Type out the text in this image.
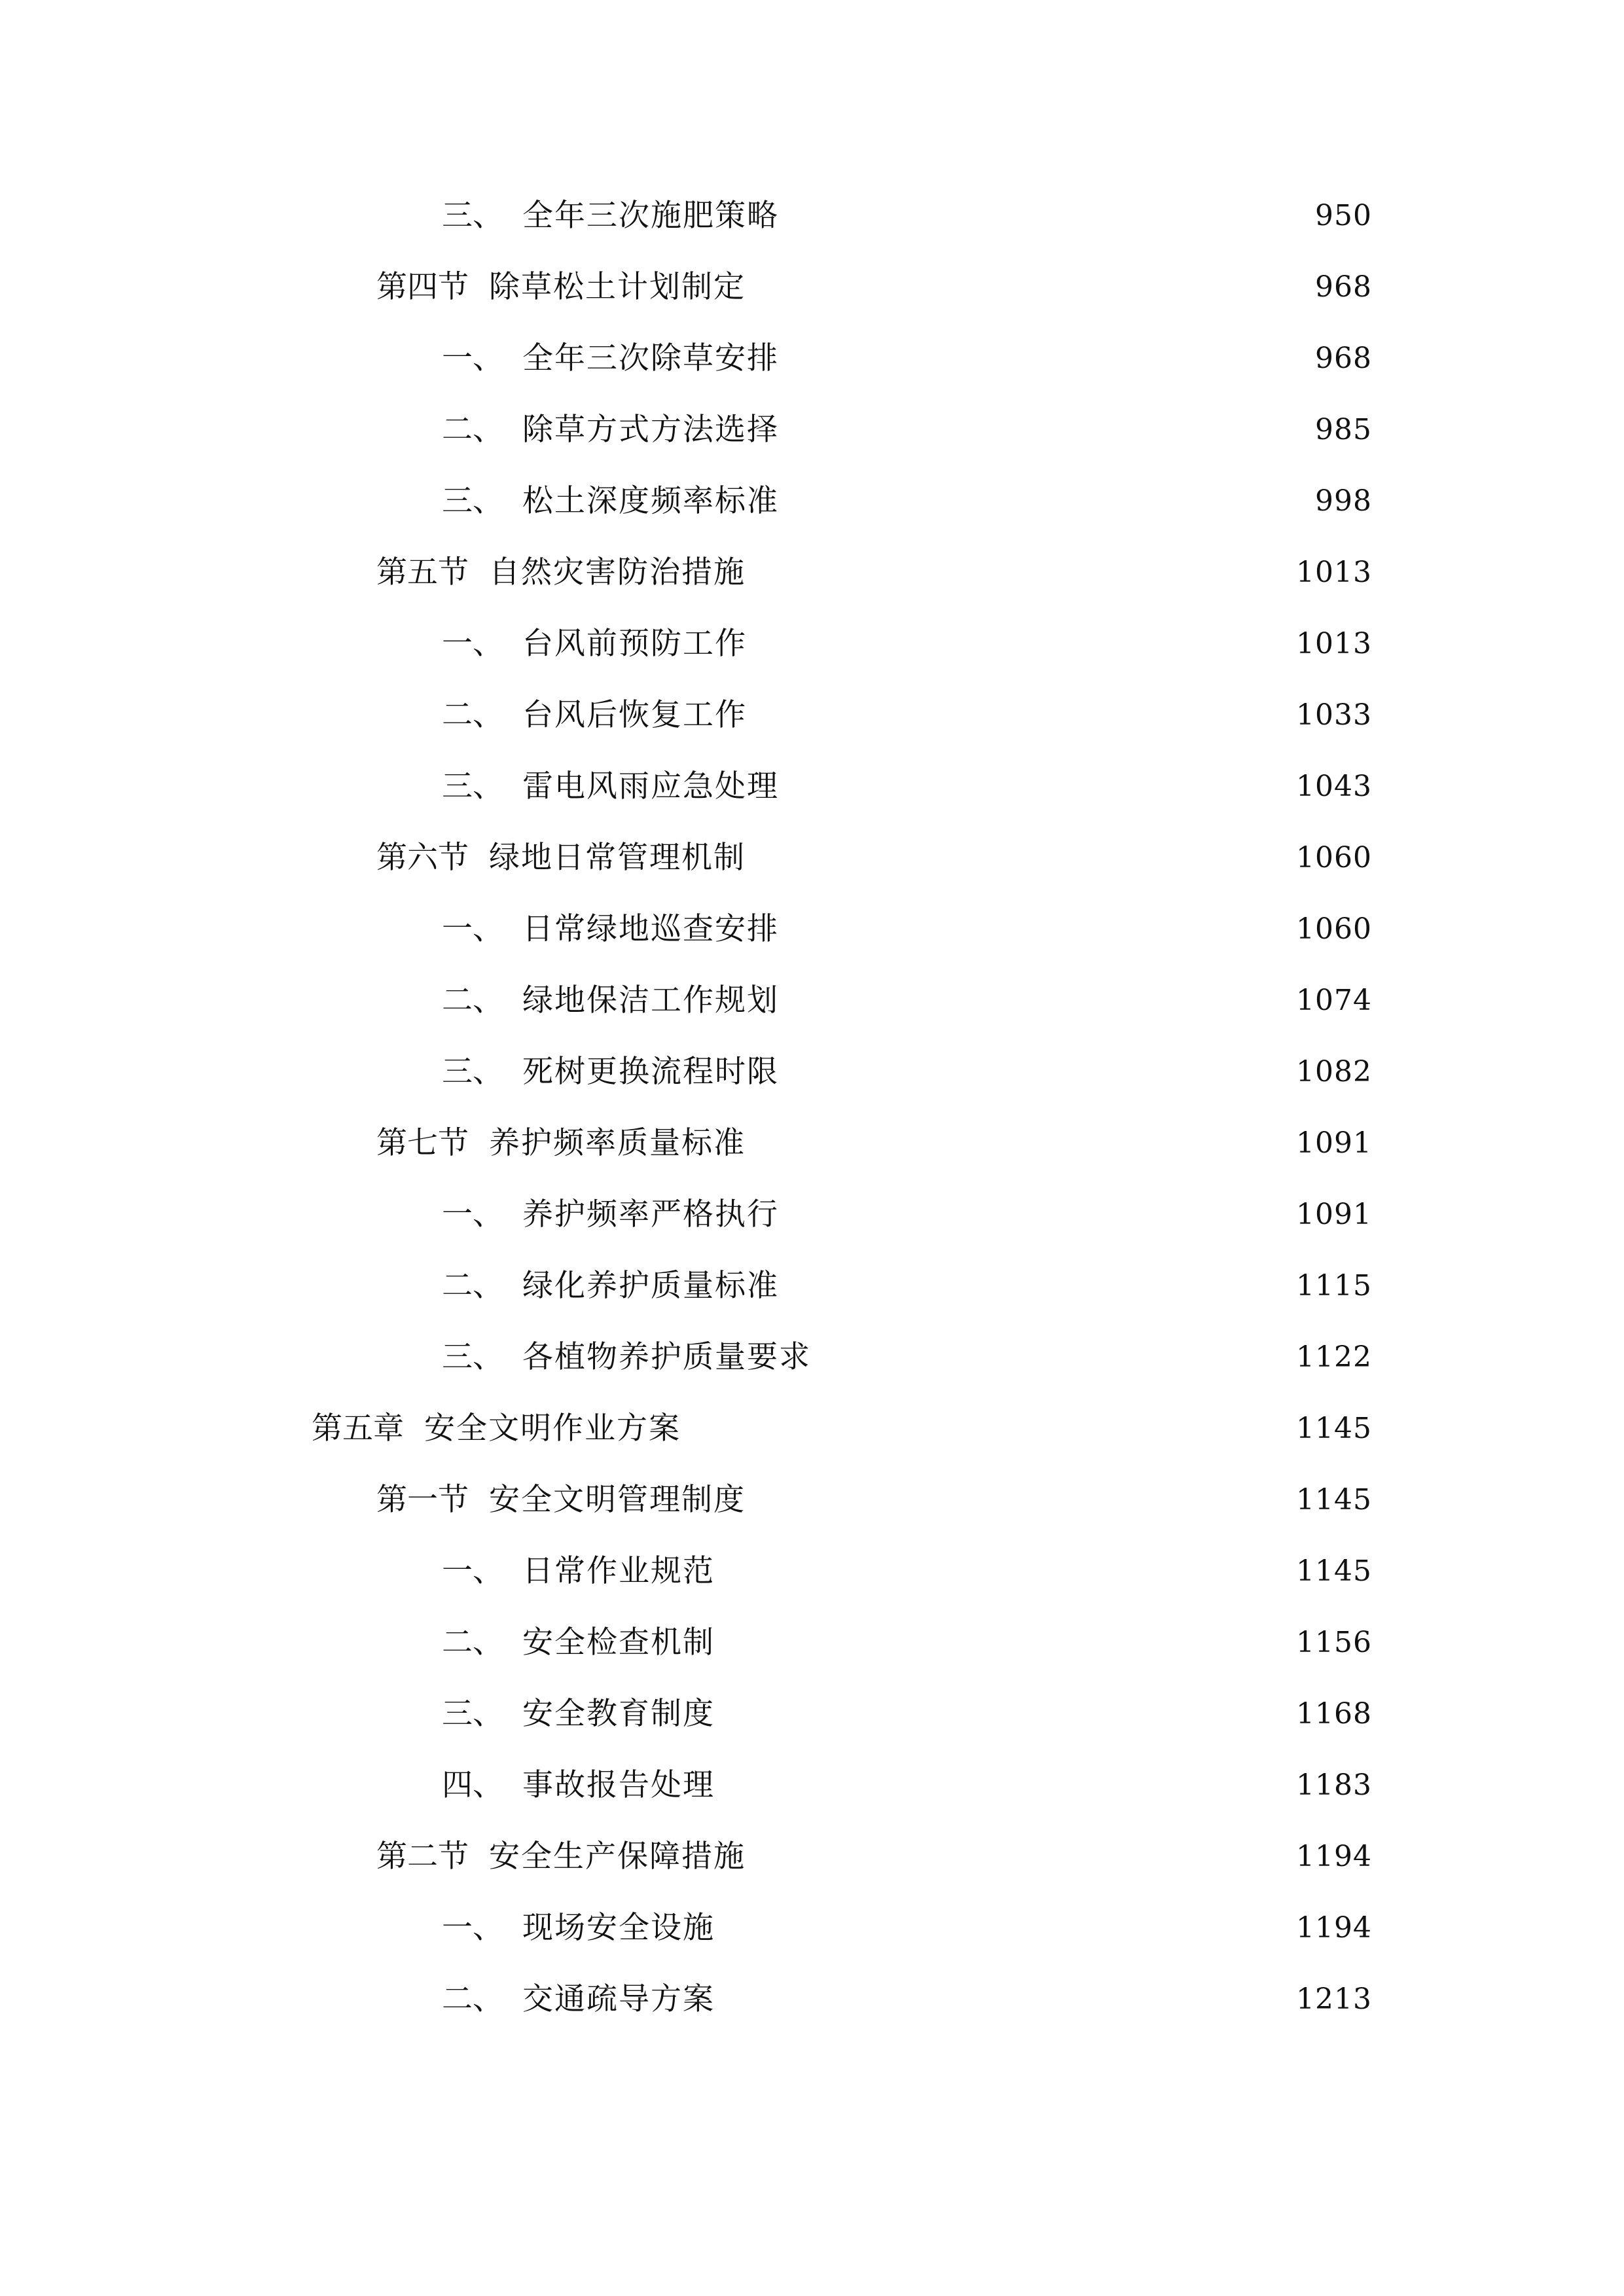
三、 全年三次施肥策略	950
第四节 除草松土计划制定	968
一、 全年三次除草安排	968
二、 除草方式方法选择	985
三、 松土深度频率标准	998
第五节 自然灾害防治措施	1013
一、 台风前预防工作	1013
二、 台风后恢复工作	1033
三、 雷电风雨应急处理	1043
第六节 绿地日常管理机制	1060
一、 日常绿地巡查安排	1060
二、 绿地保洁工作规划	1074
三、 死树更换流程时限	1082
第七节 养护频率质量标准	1091
一、 养护频率严格执行	1091
二、 绿化养护质量标准	1115
三、 各植物养护质量要求	1122
第五章 安全文明作业方案	1145
第一节 安全文明管理制度	1145
一、 日常作业规范	1145
二、 安全检查机制	1156
三、 安全教育制度	1168
四、 事故报告处理	1183
第二节 安全生产保障措施	1194
一、 现场安全设施	1194
二、 交通疏导方案	1213
